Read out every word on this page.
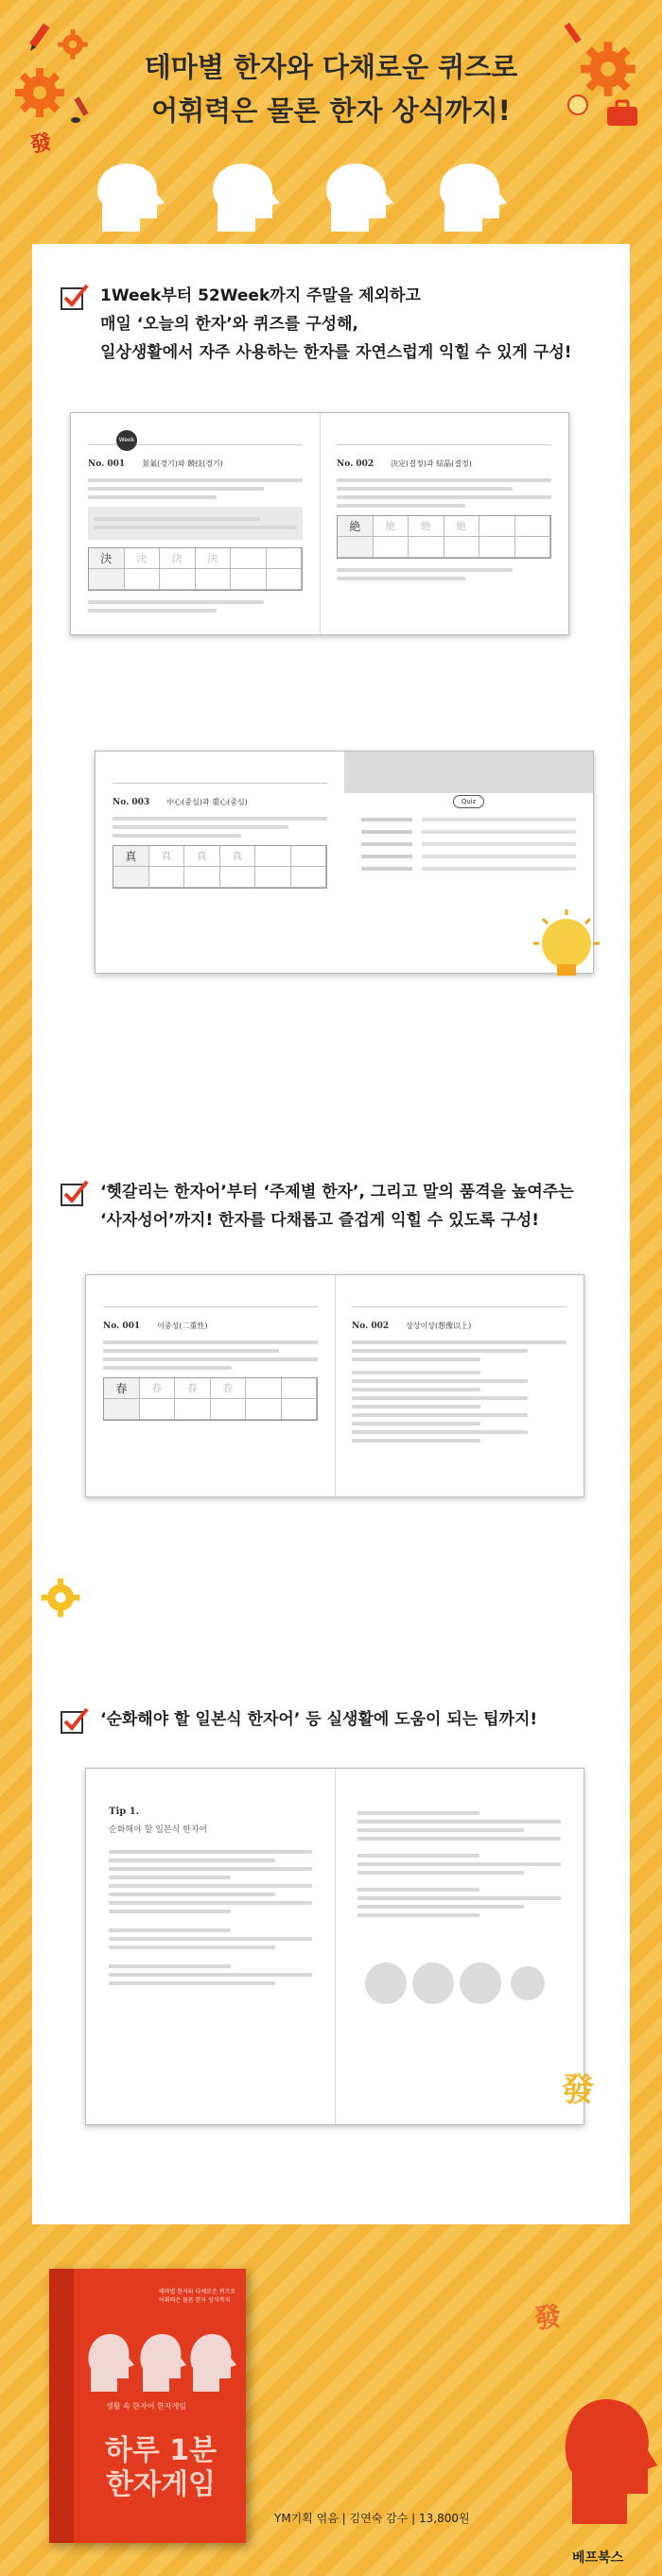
發
테마별 한자와 다채로운 퀴즈로
어휘력은 물론 한자 상식까지!
1Week부터 52Week까지 주말을 제외하고
매일 ‘오늘의 한자’와 퀴즈를 구성해,
일상생활에서 자주 사용하는 한자를 자연스럽게 익힐 수 있게 구성!
Week
No. 001 景氣(경기)와 競技(경기)
決	決	決	決
No. 002 決定(결정)과 結晶(결정)
絶	絶	絶	絶
No. 003 中心(중심)과 重心(중심)
真	真	真	真
Quiz
‘헷갈리는 한자어’부터 ‘주제별 한자’, 그리고 말의 품격을 높여주는
‘사자성어’까지! 한자를 다채롭고 즐겁게 익힐 수 있도록 구성!
No. 001 이중성(二重性)
春	春	春	春
No. 002 상상이상(想像以上)
‘순화해야 할 일본식 한자어’ 등 실생활에 도움이 되는 팁까지!
Tip 1.
순화해야 할 일본식 한자어
發
테마별 한자와 다채로운 퀴즈로 어휘력은 물론 한자 상식까지
생활 속 한자어 한자게임
하루 1분
한자게임
發
YM기획 엮음 | 김연숙 감수 | 13,800원
베프북스
